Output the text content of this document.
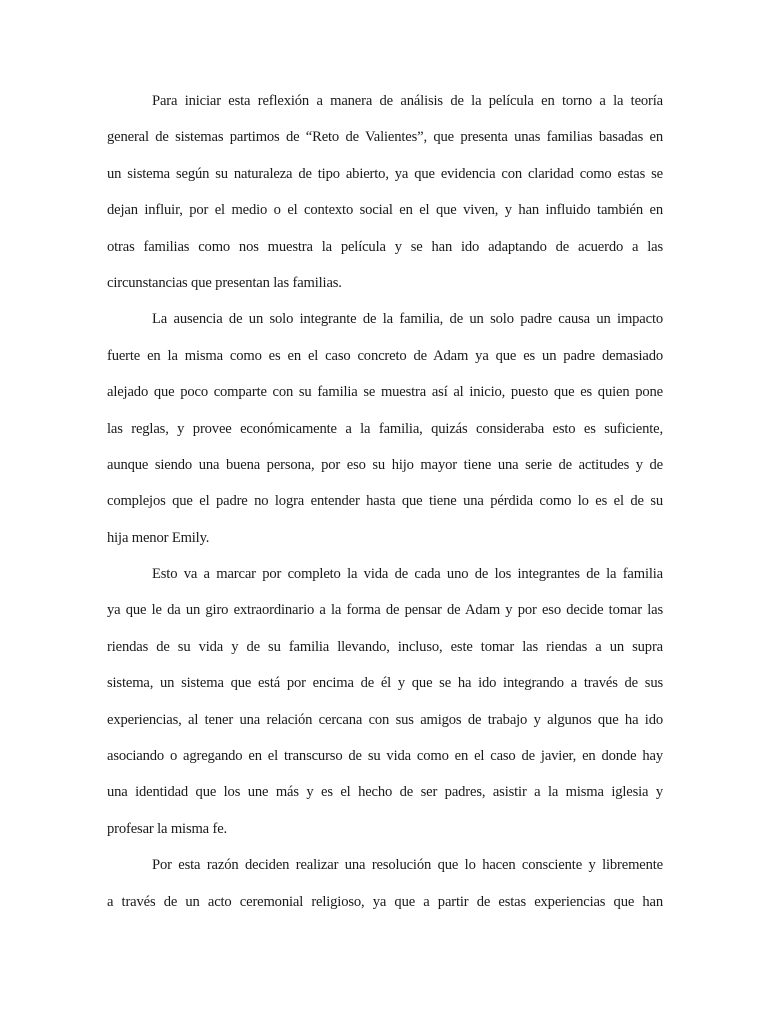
Para iniciar esta reflexión a manera de análisis de la película en torno a la teoría
general de sistemas partimos de “Reto de Valientes”, que presenta unas familias basadas en
un sistema según su naturaleza de tipo abierto, ya que evidencia con claridad como estas se
dejan influir, por el medio o el contexto social en el que viven, y han influido también en
otras familias como nos muestra la película y se han ido adaptando de acuerdo a las
circunstancias que presentan las familias.
La ausencia de un solo integrante de la familia, de un solo padre causa un impacto
fuerte en la misma como es en el caso concreto de Adam ya que es un padre demasiado
alejado que poco comparte con su familia se muestra así al inicio, puesto que es quien pone
las reglas, y provee económicamente a la familia, quizás consideraba esto es suficiente,
aunque siendo una buena persona, por eso su hijo mayor tiene una serie de actitudes y de
complejos que el padre no logra entender hasta que tiene una pérdida como lo es el de su
hija menor Emily.
Esto va a marcar por completo la vida de cada uno de los integrantes de la familia
ya que le da un giro extraordinario a la forma de pensar de Adam y por eso decide tomar las
riendas de su vida y de su familia llevando, incluso, este tomar las riendas a un supra
sistema, un sistema que está por encima de él y que se ha ido integrando a través de sus
experiencias, al tener una relación cercana con sus amigos de trabajo y algunos que ha ido
asociando o agregando en el transcurso de su vida como en el caso de javier, en donde hay
una identidad que los une más y es el hecho de ser padres, asistir a la misma iglesia y
profesar la misma fe.
Por esta razón deciden realizar una resolución que lo hacen consciente y libremente
a través de un acto ceremonial religioso, ya que a partir de estas experiencias que han
